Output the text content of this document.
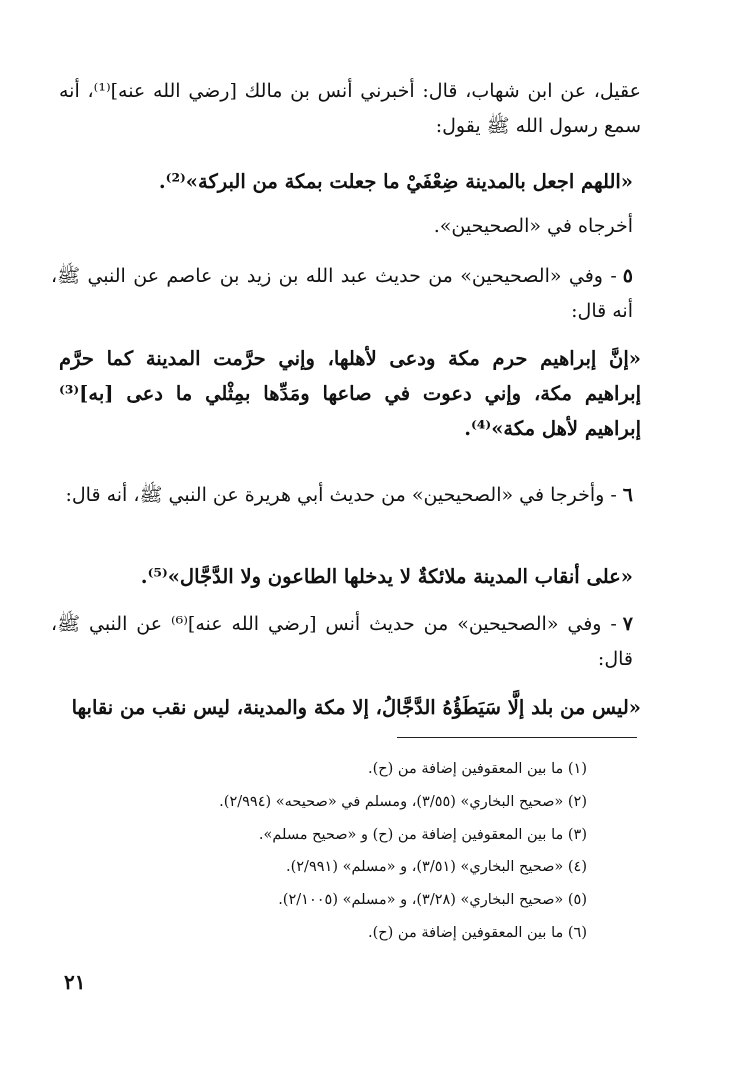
عقيل، عن ابن شهاب، قال: أخبرني أنس بن مالك [رضي الله عنه]⁽¹⁾، أنه سمع رسول الله ﷺ يقول:

«اللهم اجعل بالمدينة ضِعْفَيْ ما جعلت بمكة من البركة»⁽²⁾.

أخرجاه في «الصحيحين».

٥- وفي «الصحيحين» من حديث عبد الله بن زيد بن عاصم عن النبي ﷺ، أنه قال:

«إنَّ إبراهيم حرم مكة ودعى لأهلها، وإني حرَّمت المدينة كما حرَّم إبراهيم مكة، وإني دعوت في صاعها ومَدِّها بمِثْلي ما دعى [به]⁽³⁾ إبراهيم لأهل مكة»⁽⁴⁾.

٦- وأخرجا في «الصحيحين» من حديث أبي هريرة عن النبي ﷺ، أنه قال:

«على أنقاب المدينة ملائكةٌ لا يدخلها الطاعون ولا الدَّجَّال»⁽⁵⁾.

٧- وفي «الصحيحين» من حديث أنس [رضي الله عنه]⁽⁶⁾ عن النبي ﷺ، قال:

«ليس من بلد إلَّا سَيَطَؤُهُ الدَّجَّالُ، إلا مكة والمدينة، ليس نقب من نقابها

(١) ما بين المعقوفين إضافة من (ح).
(٢) «صحيح البخاري» (٣/٥٥)، ومسلم في «صحيحه» (٢/٩٩٤).
(٣) ما بين المعقوفين إضافة من (ح) و «صحيح مسلم».
(٤) «صحيح البخاري» (٣/٥١)، و «مسلم» (٢/٩٩١).
(٥) «صحيح البخاري» (٣/٢٨)، و «مسلم» (٢/١٠٠٥).
(٦) ما بين المعقوفين إضافة من (ح).
٢١
